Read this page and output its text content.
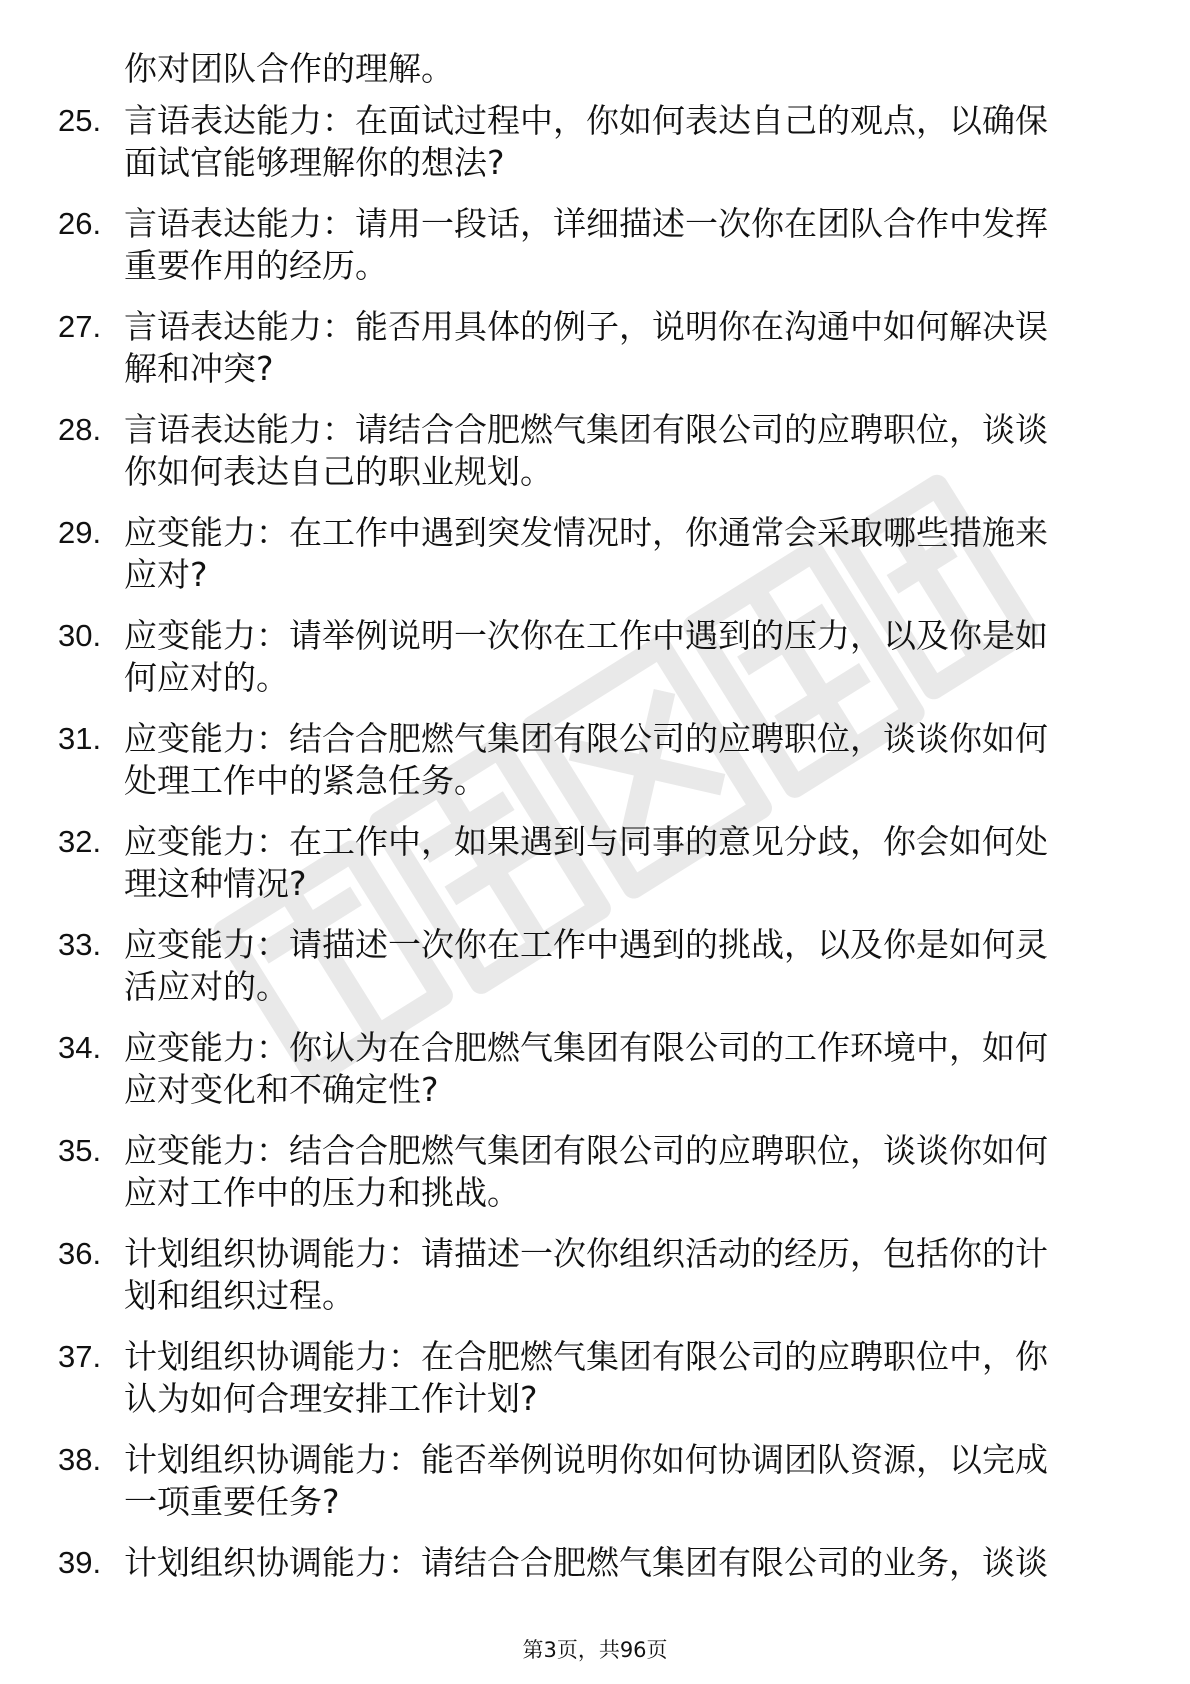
你对团队合作的理解。
25. 言语表达能力：在面试过程中，你如何表达自己的观点，以确保
面试官能够理解你的想法?
26. 言语表达能力：请用一段话，详细描述一次你在团队合作中发挥
重要作用的经历。
27. 言语表达能力：能否用具体的例子，说明你在沟通中如何解决误
解和冲突?
28. 言语表达能力：请结合合肥燃气集团有限公司的应聘职位，谈谈
你如何表达自己的职业规划。
29. 应变能力：在工作中遇到突发情况时，你通常会采取哪些措施来
应对?
30. 应变能力：请举例说明一次你在工作中遇到的压力，以及你是如
何应对的。
31. 应变能力：结合合肥燃气集团有限公司的应聘职位，谈谈你如何
处理工作中的紧急任务。
32. 应变能力：在工作中，如果遇到与同事的意见分歧，你会如何处
理这种情况?
33. 应变能力：请描述一次你在工作中遇到的挑战，以及你是如何灵
活应对的。
34. 应变能力：你认为在合肥燃气集团有限公司的工作环境中，如何
应对变化和不确定性?
35. 应变能力：结合合肥燃气集团有限公司的应聘职位，谈谈你如何
应对工作中的压力和挑战。
36. 计划组织协调能力：请描述一次你组织活动的经历，包括你的计
划和组织过程。
37. 计划组织协调能力：在合肥燃气集团有限公司的应聘职位中，你
认为如何合理安排工作计划?
38. 计划组织协调能力：能否举例说明你如何协调团队资源，以完成
一项重要任务?
39. 计划组织协调能力：请结合合肥燃气集团有限公司的业务，谈谈
第3页，共96页
